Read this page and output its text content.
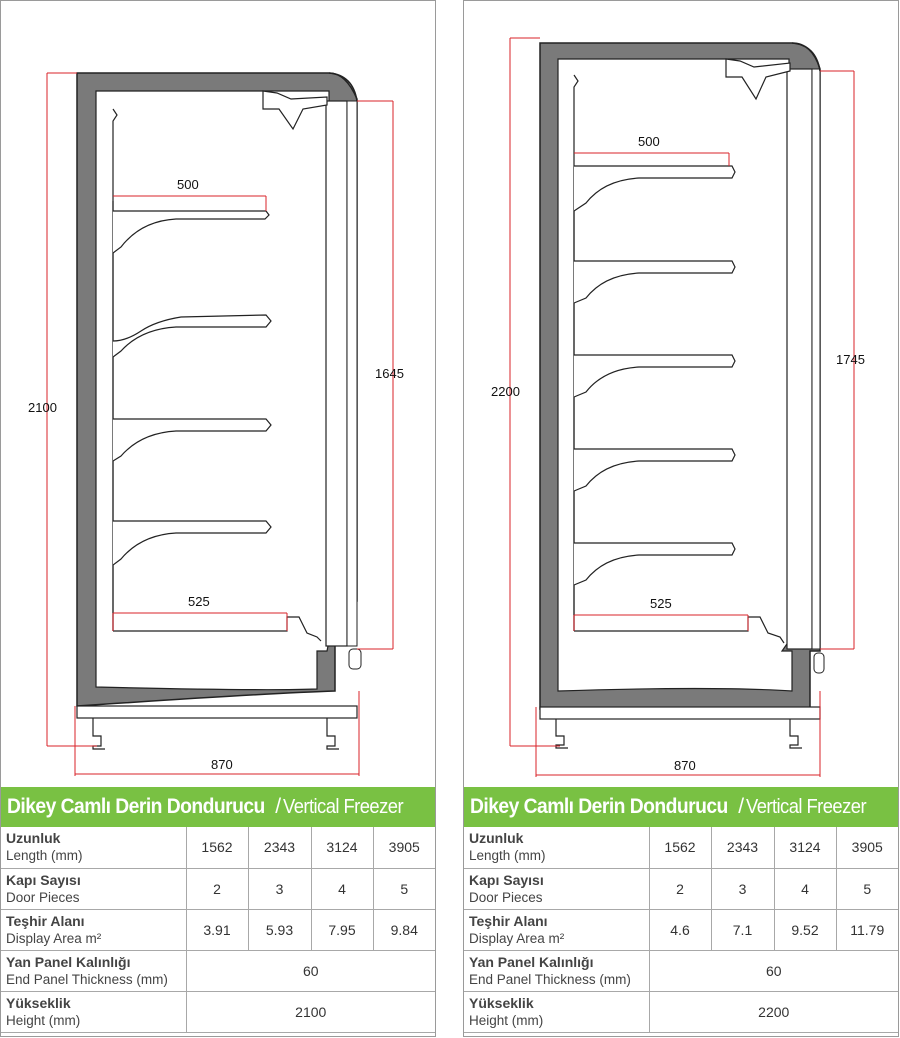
2100
1645
500
525
870
Dikey Camlı Derin Dondurucu / Vertical Freezer
Uzunluk
Length (mm)	1562	2343	3124	3905

Kapı Sayısı
Door Pieces	2	3	4	5

Teşhir Alanı
Display Area m²	3.91	5.93	7.95	9.84

Yan Panel Kalınlığı
End Panel Thickness (mm)	60			

Yükseklik
Height (mm)	2100			
2200
1745
500
525
870
Dikey Camlı Derin Dondurucu / Vertical Freezer
Uzunluk
Length (mm)	1562	2343	3124	3905

Kapı Sayısı
Door Pieces	2	3	4	5

Teşhir Alanı
Display Area m²	4.6	7.1	9.52	11.79

Yan Panel Kalınlığı
End Panel Thickness (mm)	60			

Yükseklik
Height (mm)	2200			
